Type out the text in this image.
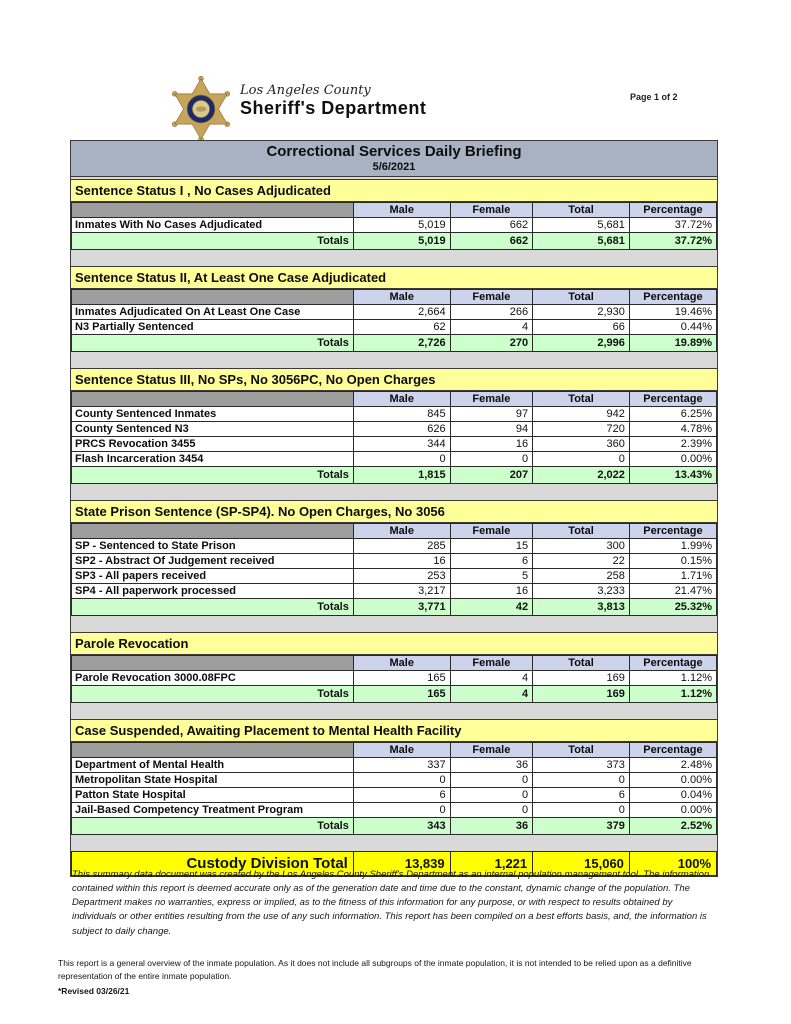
Los Angeles County
Sheriff's Department
Page 1 of 2
Correctional Services Daily Briefing
5/6/2021
Sentence Status I , No Cases Adjudicated
	Male	Female	Total	Percentage
Inmates With No Cases Adjudicated	5,019	662	5,681	37.72%
Totals	5,019	662	5,681	37.72%
Sentence Status II, At Least One Case Adjudicated
	Male	Female	Total	Percentage
Inmates Adjudicated On At Least One Case	2,664	266	2,930	19.46%
N3 Partially Sentenced	62	4	66	0.44%
Totals	2,726	270	2,996	19.89%
Sentence Status III, No SPs, No 3056PC, No Open Charges
	Male	Female	Total	Percentage
County Sentenced Inmates	845	97	942	6.25%
County Sentenced N3	626	94	720	4.78%
PRCS Revocation 3455	344	16	360	2.39%
Flash Incarceration 3454	0	0	0	0.00%
Totals	1,815	207	2,022	13.43%
State Prison Sentence (SP-SP4). No Open Charges, No 3056
	Male	Female	Total	Percentage
SP - Sentenced to State Prison	285	15	300	1.99%
SP2 - Abstract Of Judgement received	16	6	22	0.15%
SP3 - All papers received	253	5	258	1.71%
SP4 - All paperwork processed	3,217	16	3,233	21.47%
Totals	3,771	42	3,813	25.32%
Parole Revocation
	Male	Female	Total	Percentage
Parole Revocation 3000.08FPC	165	4	169	1.12%
Totals	165	4	169	1.12%
Case Suspended, Awaiting Placement to Mental Health Facility
	Male	Female	Total	Percentage
Department of Mental Health	337	36	373	2.48%
Metropolitan State Hospital	0	0	0	0.00%
Patton State Hospital	6	0	6	0.04%
Jail-Based Competency Treatment Program	0	0	0	0.00%
Totals	343	36	379	2.52%
Custody Division Total	13,839	1,221	15,060	100%

This summary data document was created by the Los Angeles County Sheriff's Department as an internal population management tool. The information contained within this report is deemed accurate only as of the generation date and time due to the constant, dynamic change of the population. The Department makes no warranties, express or implied, as to the fitness of this information for any purpose, or with respect to results obtained by individuals or other entities resulting from the use of any such information. This report has been compiled on a best efforts basis, and, the information is subject to daily change.

This report is a general overview of the inmate population. As it does not include all subgroups of the inmate population, it is not intended to be relied upon as a definitive representation of the entire inmate population.

*Revised 03/26/21
